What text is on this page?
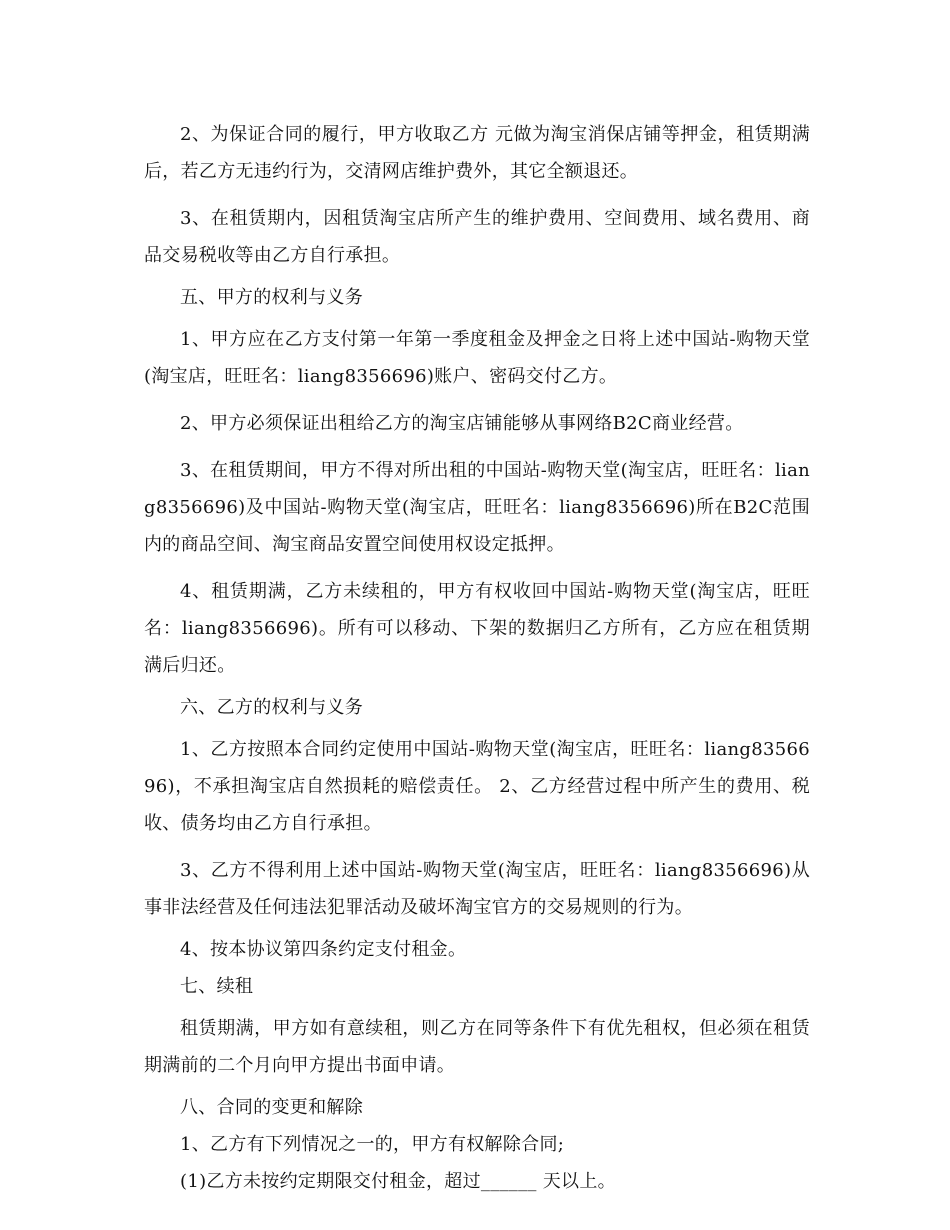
2、为保证合同的履行，甲方收取乙方 元做为淘宝消保店铺等押金，租赁期满后，若乙方无违约行为，交清网店维护费外，其它全额退还。

3、在租赁期内，因租赁淘宝店所产生的维护费用、空间费用、域名费用、商品交易税收等由乙方自行承担。

五、甲方的权利与义务

1、甲方应在乙方支付第一年第一季度租金及押金之日将上述中国站-购物天堂(淘宝店，旺旺名：liang8356696)账户、密码交付乙方。

2、甲方必须保证出租给乙方的淘宝店铺能够从事网络B2C商业经营。

3、在租赁期间，甲方不得对所出租的中国站-购物天堂(淘宝店，旺旺名：liang8356696)及中国站-购物天堂(淘宝店，旺旺名：liang8356696)所在B2C范围内的商品空间、淘宝商品安置空间使用权设定抵押。

4、租赁期满，乙方未续租的，甲方有权收回中国站-购物天堂(淘宝店，旺旺名：liang8356696)。所有可以移动、下架的数据归乙方所有，乙方应在租赁期满后归还。

六、乙方的权利与义务

1、乙方按照本合同约定使用中国站-购物天堂(淘宝店，旺旺名：liang8356696)，不承担淘宝店自然损耗的赔偿责任。 2、乙方经营过程中所产生的费用、税收、债务均由乙方自行承担。

3、乙方不得利用上述中国站-购物天堂(淘宝店，旺旺名：liang8356696)从事非法经营及任何违法犯罪活动及破坏淘宝官方的交易规则的行为。

4、按本协议第四条约定支付租金。

七、续租

租赁期满，甲方如有意续租，则乙方在同等条件下有优先租权，但必须在租赁期满前的二个月向甲方提出书面申请。

八、合同的变更和解除

1、乙方有下列情况之一的，甲方有权解除合同;

(1)乙方未按约定期限交付租金，超过______ 天以上。
